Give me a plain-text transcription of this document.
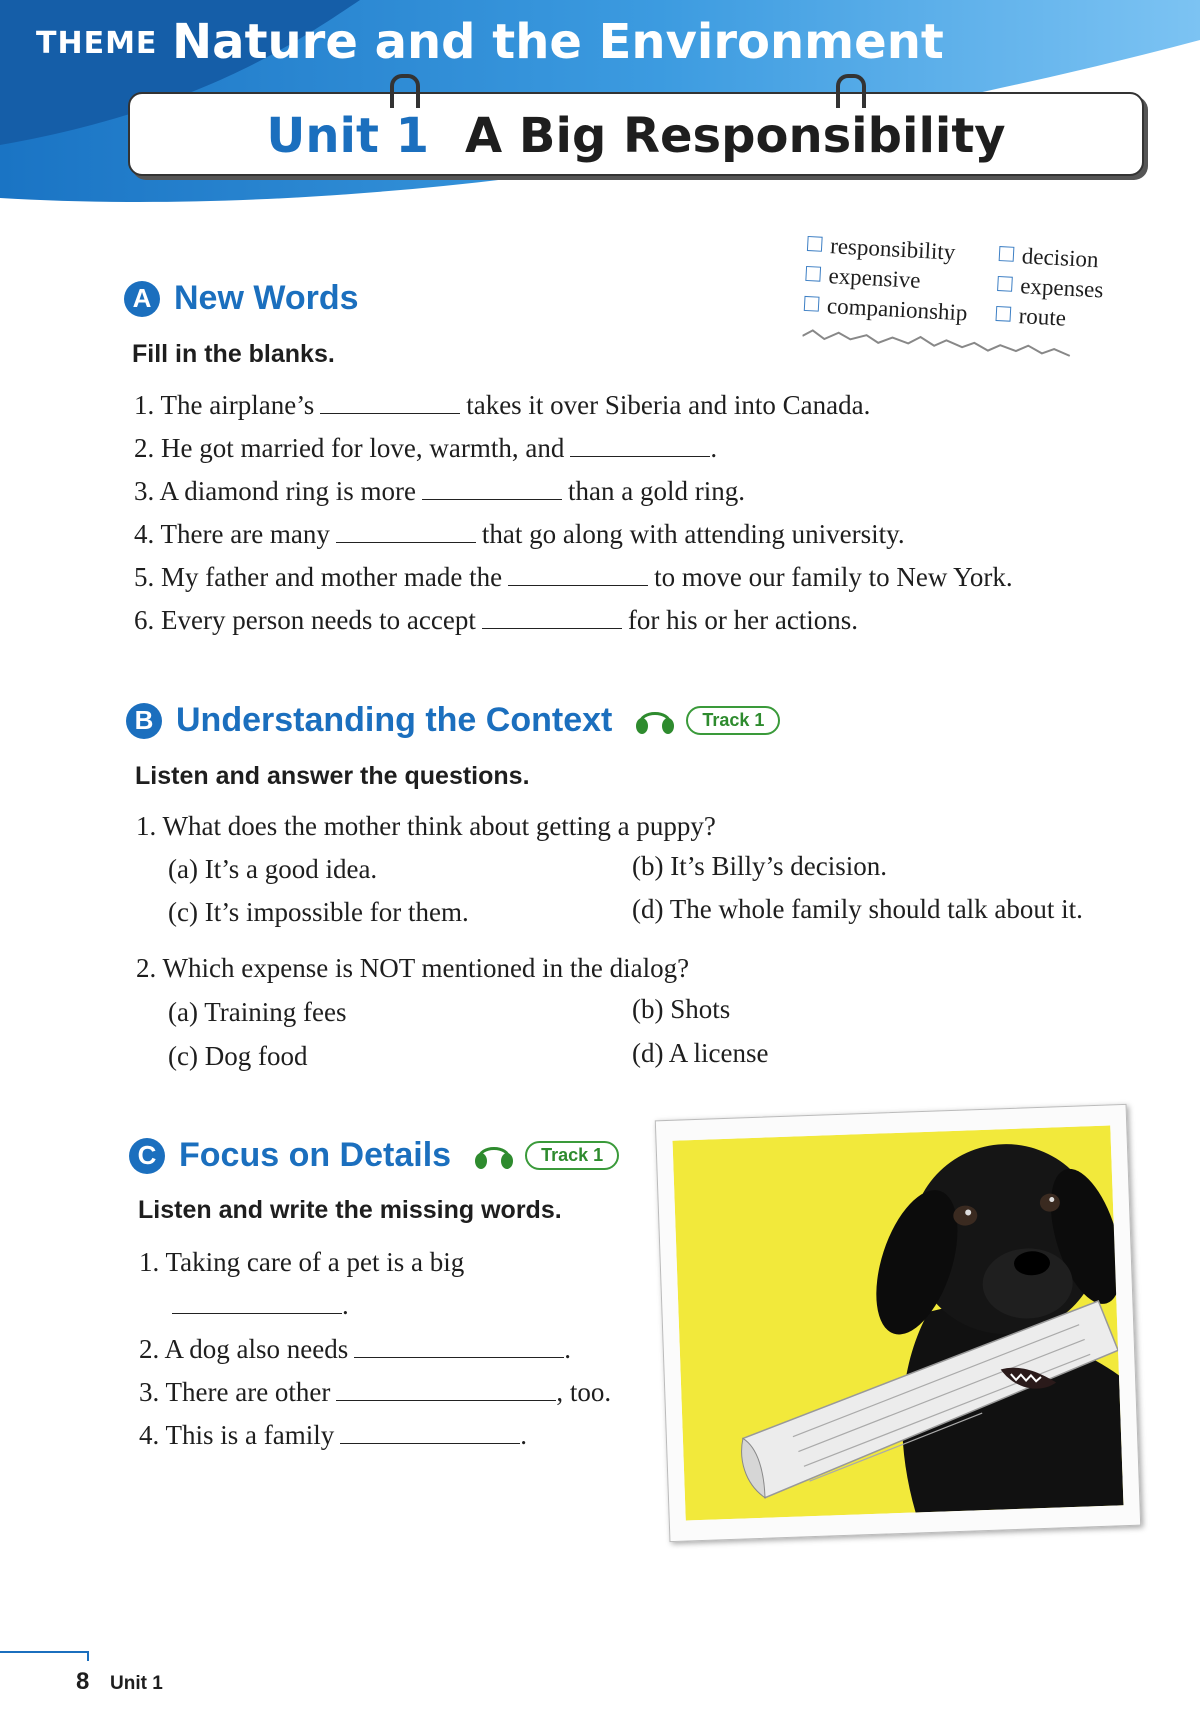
THEME Nature and the Environment
Unit 1 A Big Responsibility
responsibility	decision
expensive	expenses
companionship	route
A New Words
Fill in the blanks.
1. The airplane’s	takes it over Siberia and into Canada.
2. He got married for love, warmth, and	.
3. A diamond ring is more	than a gold ring.
4. There are many	that go along with attending university.
5. My father and mother made the	to move our family to New York.
6. Every person needs to accept	for his or her actions.
B Understanding the Context	Track 1
Listen and answer the questions.
1. What does the mother think about getting a puppy?
(a) It’s a good idea.	(b) It’s Billy’s decision.
(c) It’s impossible for them.	(d) The whole family should talk about it.
2. Which expense is NOT mentioned in the dialog?
(a) Training fees	(b) Shots
(c) Dog food	(d) A license
C Focus on Details	Track 1
Listen and write the missing words.
1. Taking care of a pet is a big
.
2. A dog also needs	.
3. There are other	, too.
4. This is a family	.
8 Unit 1
